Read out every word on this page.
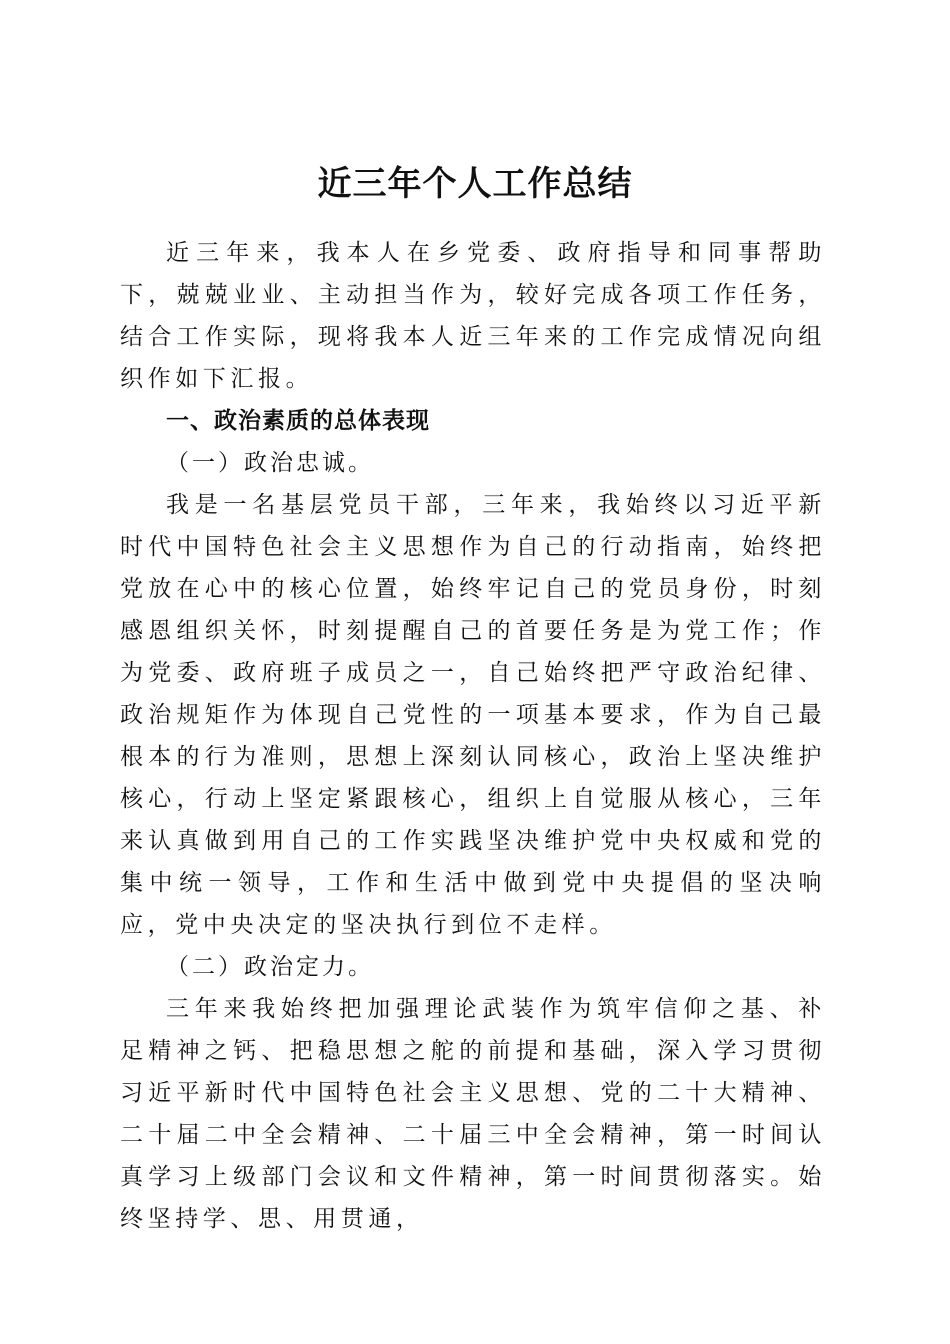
近三年个人工作总结

近三年来，我本人在乡党委、政府指导和同事帮助下，兢兢业业、主动担当作为，较好完成各项工作任务，结合工作实际，现将我本人近三年来的工作完成情况向组织作如下汇报。

一、政治素质的总体表现

（一）政治忠诚。

我是一名基层党员干部，三年来，我始终以习近平新时代中国特色社会主义思想作为自己的行动指南，始终把党放在心中的核心位置，始终牢记自己的党员身份，时刻感恩组织关怀，时刻提醒自己的首要任务是为党工作；作为党委、政府班子成员之一，自己始终把严守政治纪律、政治规矩作为体现自己党性的一项基本要求，作为自己最根本的行为准则，思想上深刻认同核心，政治上坚决维护核心，行动上坚定紧跟核心，组织上自觉服从核心，三年来认真做到用自己的工作实践坚决维护党中央权威和党的集中统一领导，工作和生活中做到党中央提倡的坚决响应，党中央决定的坚决执行到位不走样。

（二）政治定力。

三年来我始终把加强理论武装作为筑牢信仰之基、补足精神之钙、把稳思想之舵的前提和基础，深入学习贯彻习近平新时代中国特色社会主义思想、党的二十大精神、二十届二中全会精神、二十届三中全会精神，第一时间认真学习上级部门会议和文件精神，第一时间贯彻落实。始终坚持学、思、用贯通，
